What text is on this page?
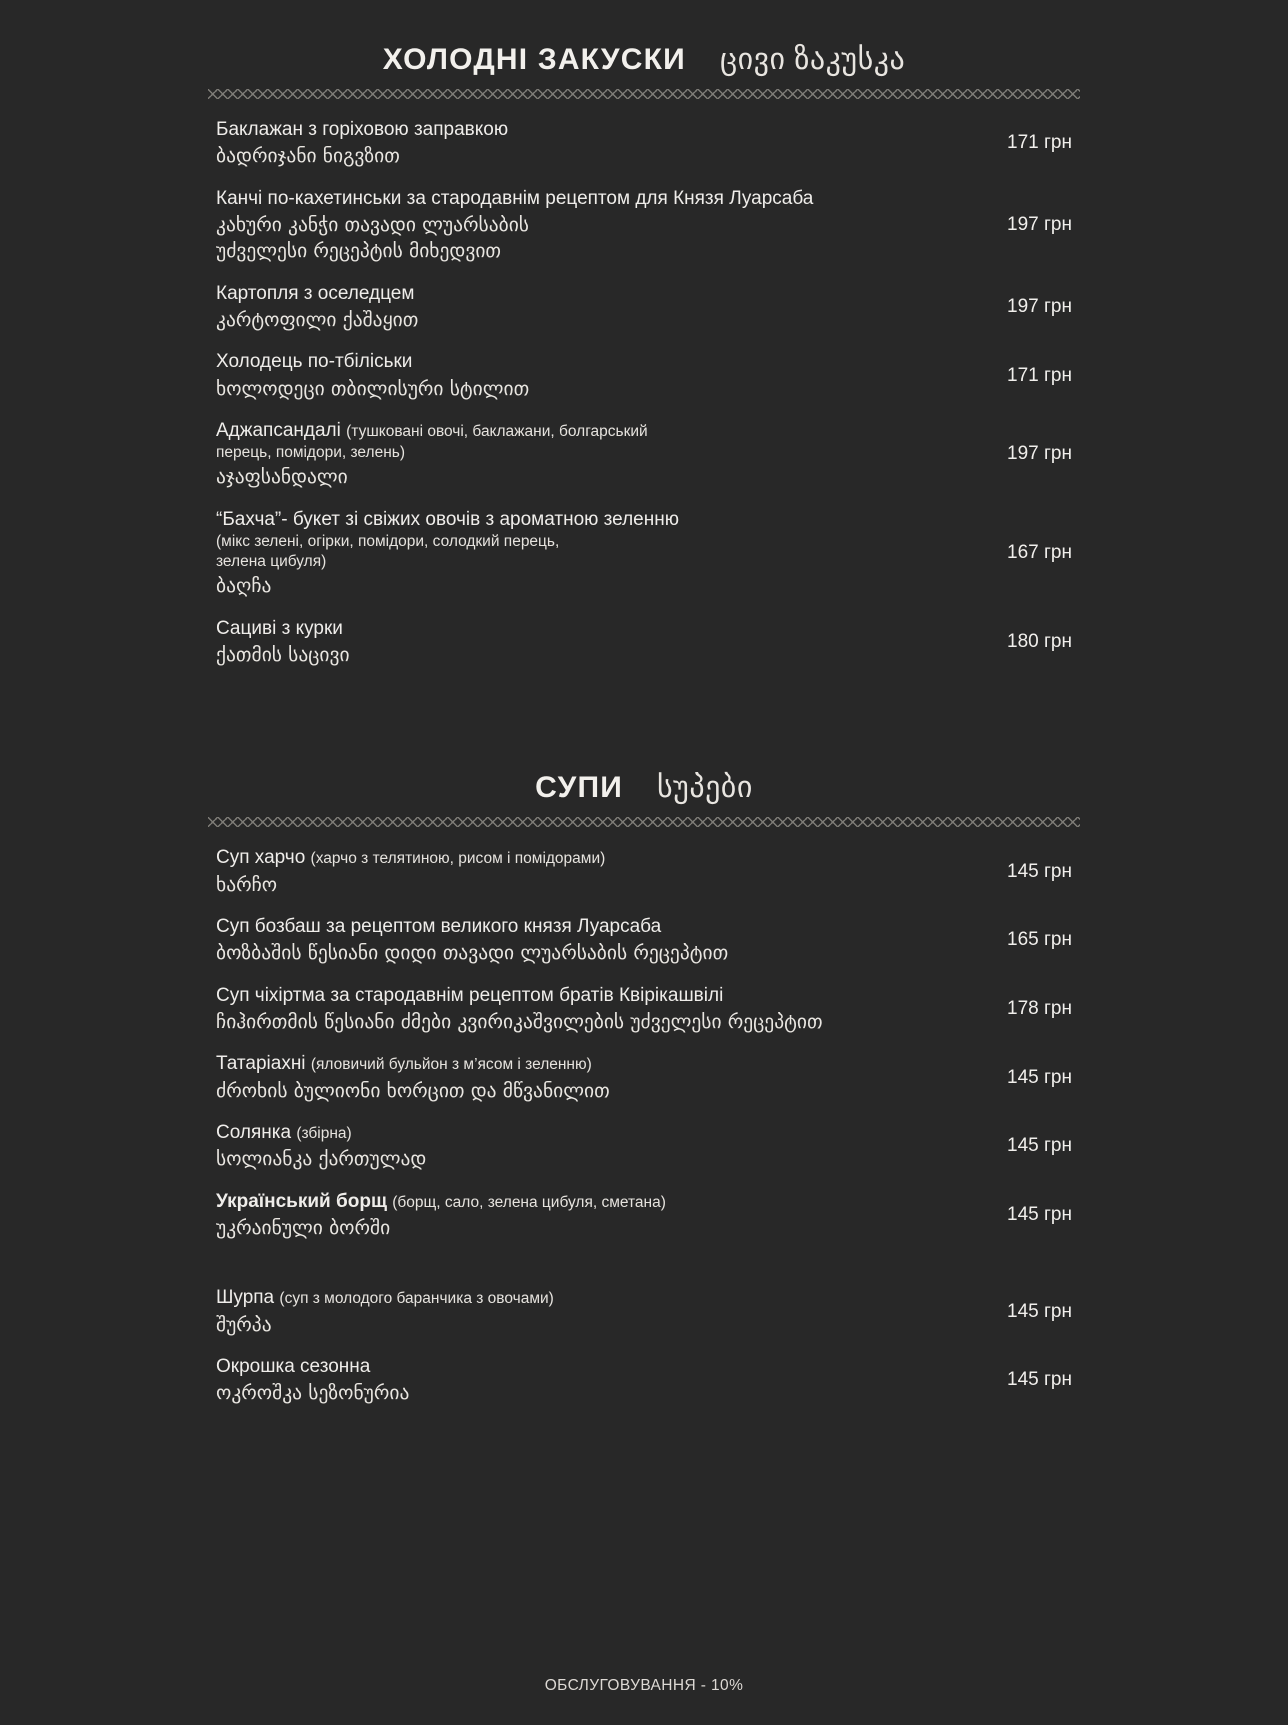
ХОЛОДНІ ЗАКУСКИ ცივი ზაკუსკა
Баклажан з горіховою заправкою
ბადრიჯანი ნიგვზით
171 грн
Канчі по-кахетинськи за стародавнім рецептом для Князя Луарсаба
კახური კანჭი თავადი ლუარსაბის
უძველესი რეცეპტის მიხედვით
197 грн
Картопля з оселедцем
კარტოფილი ქაშაყით
197 грн
Холодець по-тбіліськи
ხოლოდეცი თბილისური სტილით
171 грн
Аджапсандалі (тушковані овочі, баклажани, болгарський
перець, помідори, зелень)
აჯაფსანდალი
197 грн
“Бахча”- букет зі свіжих овочів з ароматною зеленню
(мікс зелені, огірки, помідори, солодкий перець,
зелена цибуля)
ბაღჩა
167 грн
Сациві з курки
ქათმის საცივი
180 грн
СУПИ სუპები
Суп харчо (харчо з телятиною, рисом і помідорами)
ხარჩო
145 грн
Суп бозбаш за рецептом великого князя Луарсаба
ბოზბაშის წესიანი დიდი თავადი ლუარსაბის რეცეპტით
165 грн
Суп чіхіртма за стародавнім рецептом братів Квірікашвілі
ჩიჰირთმის წესიანი ძმები კვირიკაშვილების უძველესი რეცეპტით
178 грн
Татаріахні (яловичий бульйон з м’ясом і зеленню)
ძროხის ბულიონი ხორცით და მწვანილით
145 грн
Солянка (збірна)
სოლიანკა ქართულად
145 грн
Український борщ (борщ, сало, зелена цибуля, сметана)
უკრაინული ბორში
145 грн
Шурпа (суп з молодого баранчика з овочами)
შურპა
145 грн
Окрошка сезонна
ოკროშკა სეზონურია
145 грн
ОБСЛУГОВУВАННЯ - 10%
